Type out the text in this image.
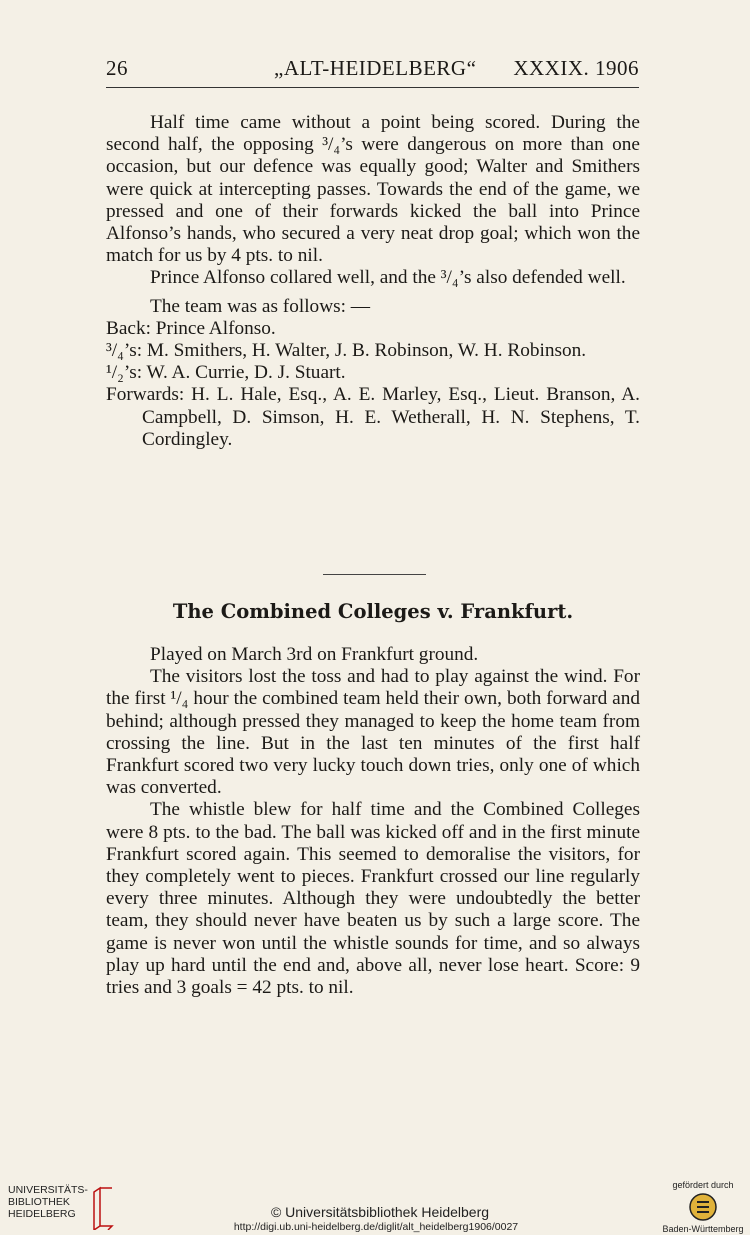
26	„ALT-HEIDELBERG“ XXXIX. 1906

Half time came without a point being scored. During the second half, the opposing ³/₄’s were dangerous on more than one occasion, but our defence was equally good; Walter and Smithers were quick at intercepting passes. Towards the end of the game, we pressed and one of their forwards kicked the ball into Prince Alfonso’s hands, who secured a very neat drop goal; which won the match for us by 4 pts. to nil.

Prince Alfonso collared well, and the ³/₄’s also defended well.

The team was as follows: —

Back: Prince Alfonso.

³/₄’s: M. Smithers, H. Walter, J. B. Robinson, W. H. Robinson.

¹/₂’s: W. A. Currie, D. J. Stuart.

Forwards: H. L. Hale, Esq., A. E. Marley, Esq., Lieut. Branson, A. Campbell, D. Simson, H. E. Wetherall, H. N. Stephens, T. Cordingley.

The Combined Colleges v. Frankfurt.

Played on March 3rd on Frankfurt ground.

The visitors lost the toss and had to play against the wind. For the first ¹/₄ hour the combined team held their own, both forward and behind; although pressed they managed to keep the home team from crossing the line. But in the last ten minutes of the first half Frankfurt scored two very lucky touch down tries, only one of which was converted.

The whistle blew for half time and the Combined Colleges were 8 pts. to the bad. The ball was kicked off and in the first minute Frankfurt scored again. This seemed to demoralise the visitors, for they completely went to pieces. Frankfurt crossed our line regularly every three minutes. Although they were undoubtedly the better team, they should never have beaten us by such a large score. The game is never won until the whistle sounds for time, and so always play up hard until the end and, above all, never lose heart. Score: 9 tries and 3 goals = 42 pts. to nil.

UNIVERSITÄTS-
BIBLIOTHEK
HEIDELBERG	© Universitätsbibliothek Heidelberg
http://digi.ub.uni-heidelberg.de/diglit/alt_heidelberg1906/0027
gefördert durch
Baden-Württemberg
